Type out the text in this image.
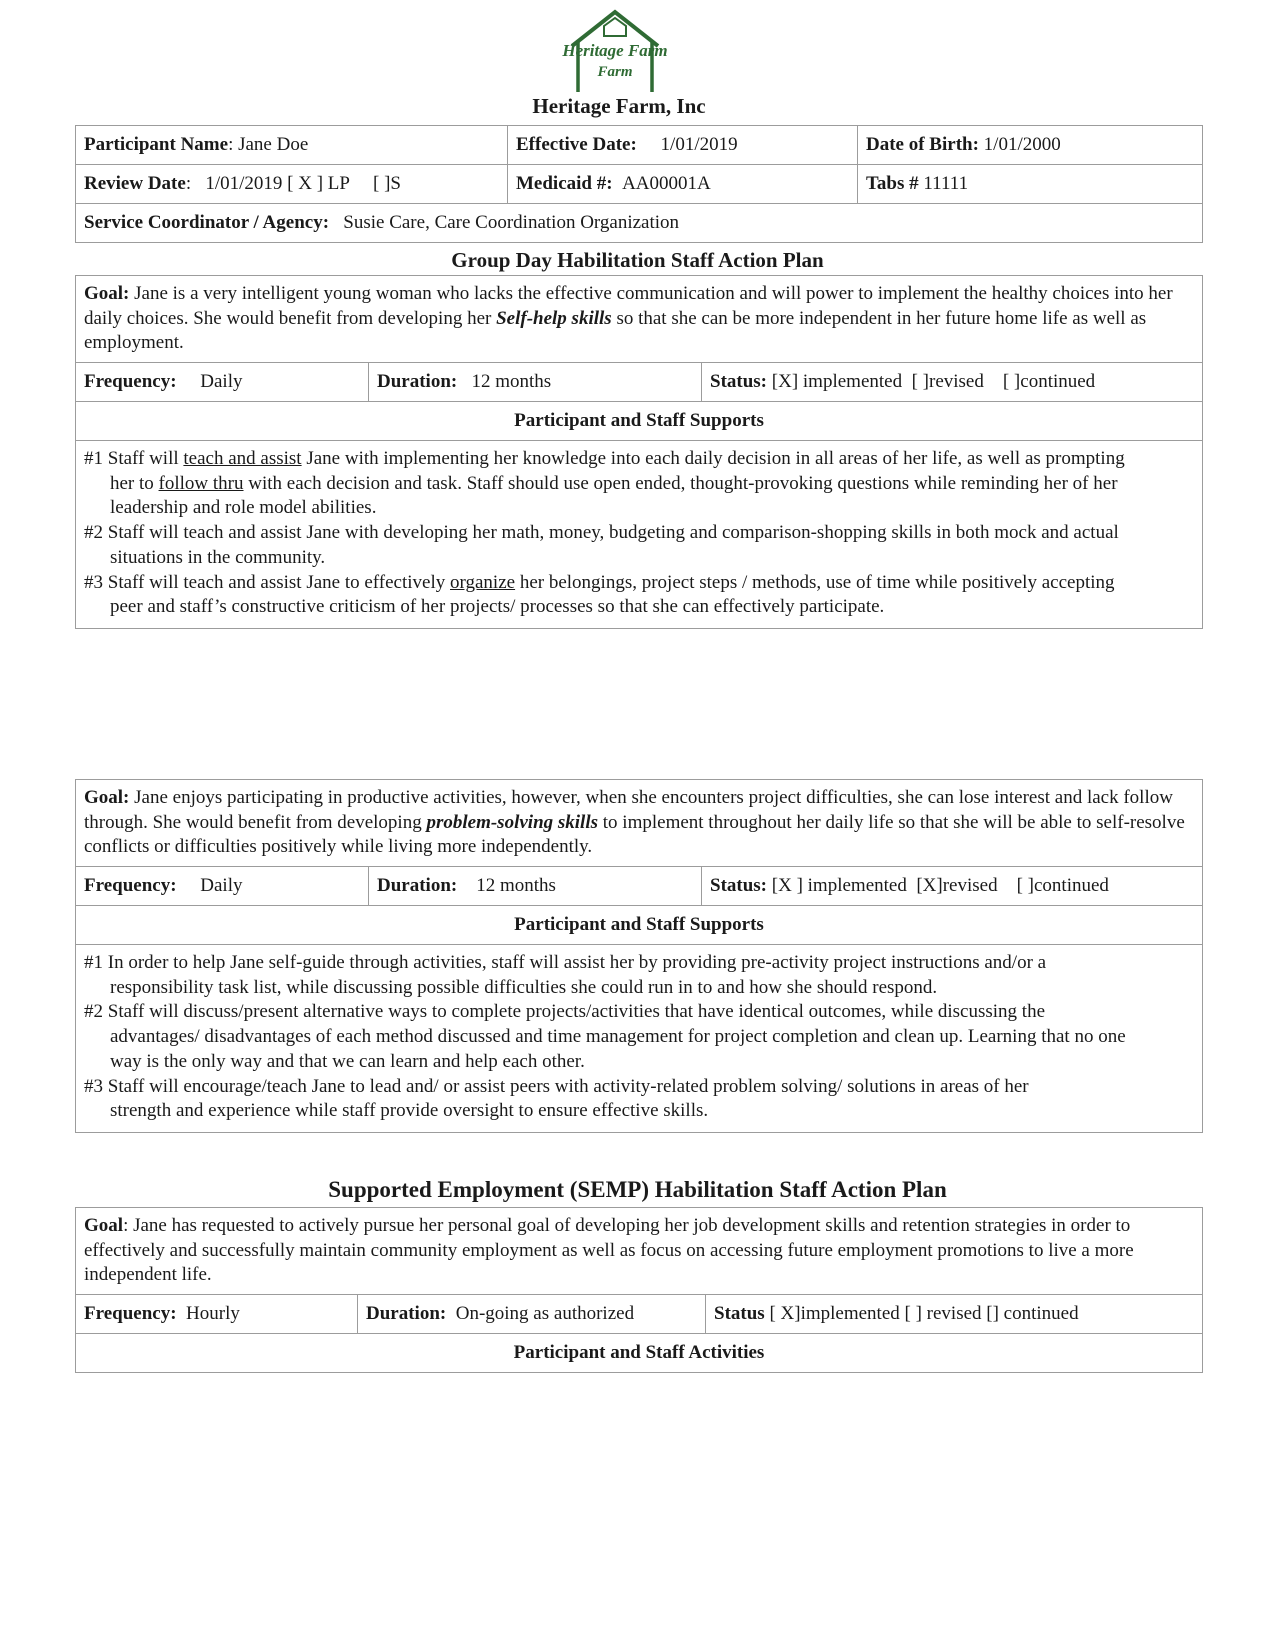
Heritage Farm
Farm
Heritage Farm, Inc
Participant Name: Jane Doe	Effective Date: 1/01/2019	Date of Birth: 1/01/2000
Review Date:   1/01/2019 [ X ] LP     [ ]S	Medicaid #: AA00001A	Tabs # 11111
Service Coordinator / Agency: Susie Care, Care Coordination Organization		
Group Day Habilitation Staff Action Plan
Goal: Jane is a very intelligent young woman who lacks the effective communication and will power to implement the healthy choices into her daily choices. She would benefit from developing her Self-help skills so that she can be more independent in her future home life as well as employment.
Frequency: Daily	Duration: 12 months	Status: [X] implemented  [ ]revised    [ ]continued
Participant and Staff Supports

#1 Staff will teach and assist Jane with implementing her knowledge into each daily decision in all areas of her life, as well as prompting
her to follow thru with each decision and task. Staff should use open ended, thought-provoking questions while reminding her of her
leadership and role model abilities.
#2 Staff will teach and assist Jane with developing her math, money, budgeting and comparison-shopping skills in both mock and actual
situations in the community.
#3 Staff will teach and assist Jane to effectively organize her belongings, project steps / methods, use of time while positively accepting
peer and staff’s constructive criticism of her projects/ processes so that she can effectively participate.
Goal: Jane enjoys participating in productive activities, however, when she encounters project difficulties, she can lose interest and lack follow through. She would benefit from developing problem-solving skills to implement throughout her daily life so that she will be able to self-resolve conflicts or difficulties positively while living more independently.
Frequency: Daily	Duration: 12 months	Status: [X ] implemented  [X]revised    [ ]continued
Participant and Staff Supports

#1 In order to help Jane self-guide through activities, staff will assist her by providing pre-activity project instructions and/or a
responsibility task list, while discussing possible difficulties she could run in to and how she should respond.
#2 Staff will discuss/present alternative ways to complete projects/activities that have identical outcomes, while discussing the
advantages/ disadvantages of each method discussed and time management for project completion and clean up. Learning that no one
way is the only way and that we can learn and help each other.
#3 Staff will encourage/teach Jane to lead and/ or assist peers with activity-related problem solving/ solutions in areas of her
strength and experience while staff provide oversight to ensure effective skills.
Supported Employment (SEMP) Habilitation Staff Action Plan
Goal: Jane has requested to actively pursue her personal goal of developing her job development skills and retention strategies in order to effectively and successfully maintain community employment as well as focus on accessing future employment promotions to live a more independent life.
Frequency: Hourly	Duration: On-going as authorized	Status [ X]implemented [ ] revised [] continued
Participant and Staff Activities
